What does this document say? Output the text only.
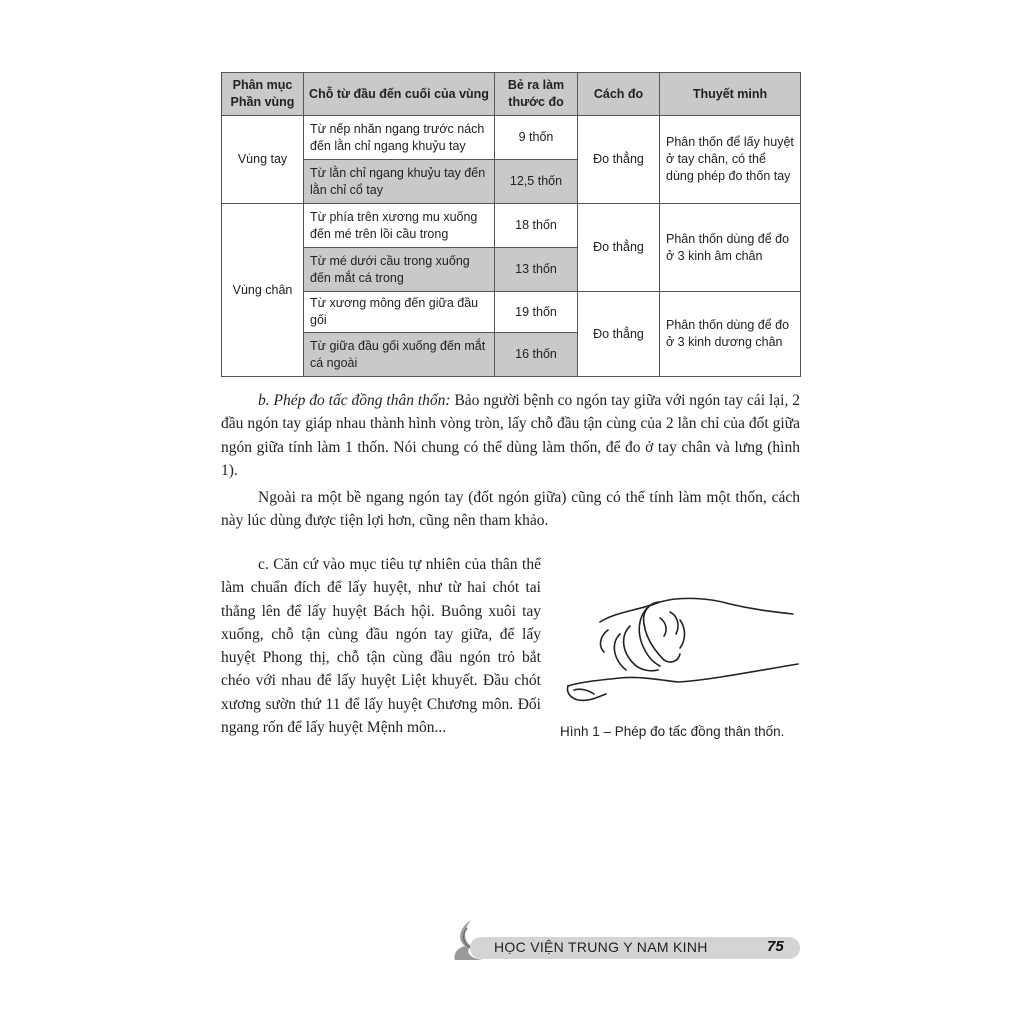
Phân mục Phần vùng	Chỗ từ đầu đến cuối của vùng	Bẻ ra làm thước đo	Cách đo	Thuyết minh
Vùng tay	Từ nếp nhăn ngang trước nách đến lằn chỉ ngang khuỷu tay	9 thốn	Đo thẳng	Phân thốn để lấy huyệt ở tay chân, có thể dùng phép đo thốn tay
	Từ lằn chỉ ngang khuỷu tay đến lằn chỉ cổ tay	12,5 thốn		
Vùng chân	Từ phía trên xương mu xuống đến mé trên lồi cầu trong	18 thốn	Đo thẳng	Phân thốn dùng để đo ở 3 kinh âm chân
	Từ mé dưới cầu trong xuống đến mắt cá trong	13 thốn		
	Từ xương mông đến giữa đầu gối	19 thốn	Đo thẳng	Phân thốn dùng để đo ở 3 kinh dương chân
	Từ giữa đầu gối xuống đến mắt cá ngoài	16 thốn		
b. Phép đo tấc đồng thân thốn: Bảo người bệnh co ngón tay giữa với ngón tay cái lại, 2 đầu ngón tay giáp nhau thành hình vòng tròn, lấy chỗ đầu tận cùng của 2 lằn chỉ của đốt giữa ngón giữa tính làm 1 thốn. Nói chung có thể dùng làm thốn, để đo ở tay chân và lưng (hình 1).
Ngoài ra một bề ngang ngón tay (đốt ngón giữa) cũng có thể tính làm một thốn, cách này lúc dùng được tiện lợi hơn, cũng nên tham khảo.
c. Căn cứ vào mục tiêu tự nhiên của thân thể làm chuẩn đích để lấy huyệt, như từ hai chót tai thẳng lên để lấy huyệt Bách hội. Buông xuôi tay xuống, chỗ tận cùng đầu ngón tay giữa, để lấy huyệt Phong thị, chỗ tận cùng đầu ngón trỏ bắt chéo với nhau để lấy huyệt Liệt khuyết. Đầu chót xương sườn thứ 11 để lấy huyệt Chương môn. Đối ngang rốn để lấy huyệt Mệnh môn...	Hình 1 – Phép đo tấc đồng thân thốn.
HỌC VIỆN TRUNG Y NAM KINH	75
